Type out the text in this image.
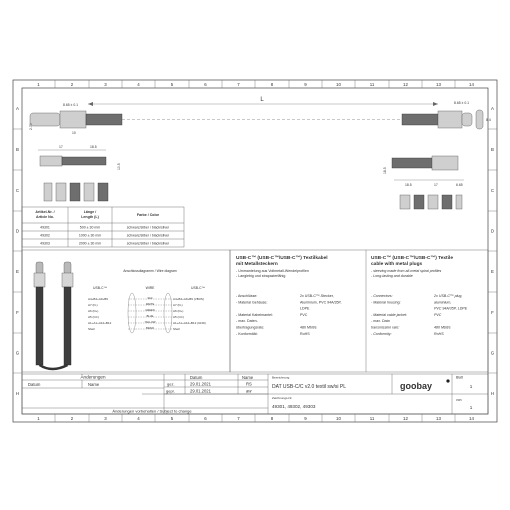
1	2	3	4	5	6	7	8	9	10	11	12	13	14
1	2	3	4	5	6	7	8	9	10	11	12	13	14
A
B
C
D
E
F
G
H
A
B
C
D
E
F
G
H
L
8.65 ± 0.1	8.65 ± 0.1
2.70
8.4
10
17	18.5
10.5
18.5
18.5	17	6.65
Artikel-Nr. /
Article No.
Länge /
Length (L)	Farbe / Color
49301	500 ± 30 mm	schwarz/silber / black/silver
49302	1000 ± 30 mm	schwarz/silber / black/silver
49303	2000 ± 30 mm	schwarz/silber / black/silver
Anschlussdiagramm / Wire diagram
USB-C™	WIRE	USB-C™
A4+B4+A9+B9	Red	A4+B4+A9+B9 (VBUS)
A7 (D-)	WHITE	A7 (D-)
A6 (D+)	GREEN	A6 (D+)
A5 (CC)	BLUE	A5 (CC)
A1+A1+A12+B12	YELLOW	A1+A1+A12+B12 (GND)
Shell	BRAID	Shell
USB-C™ (USB-C™/USB-C™) Textilkabel
mit Metallsteckern
- Ummantelung aus Vollmetall-Wendelprofilen
- Langlebig und strapazierfähig
- Anschlüsse:	2x USB-C™-Stecker,
- Material Gehäuse:	Aluminium, PVC 94A/35P,
LDPE
- Material Kabelmantel:	PVC
- max. Daten-
übertragungsrate:	480 Mbit/s
- Konformität:	RoHS
USB-C™ (USB-C™/USB-C™) Textile
cable with metal plugs
- sleeving made from all-metal spiral profiles
- Long-lasting and durable
- Connectors:	2x USB-C™ plug,
- Material housing:	aluminium,
PVC 94A/35P, LDPE
- Material cable jacket:	PVC
- max. Data
transmission rate:	480 Mbit/s
- Conformity:	RoHS
Änderungen
Datum	Name
Datum	Name
gez.	29.01.2021	RS
gepr.	29.01.2021	aw
Änderungen vorbehalten / Subject to change
Bezeichnung
DAT USB-C/C v2.0 textil sw/si PL
Zeichnungs-Nr.
49301, 49302, 49303
goobay
Blatt
1
von
1
